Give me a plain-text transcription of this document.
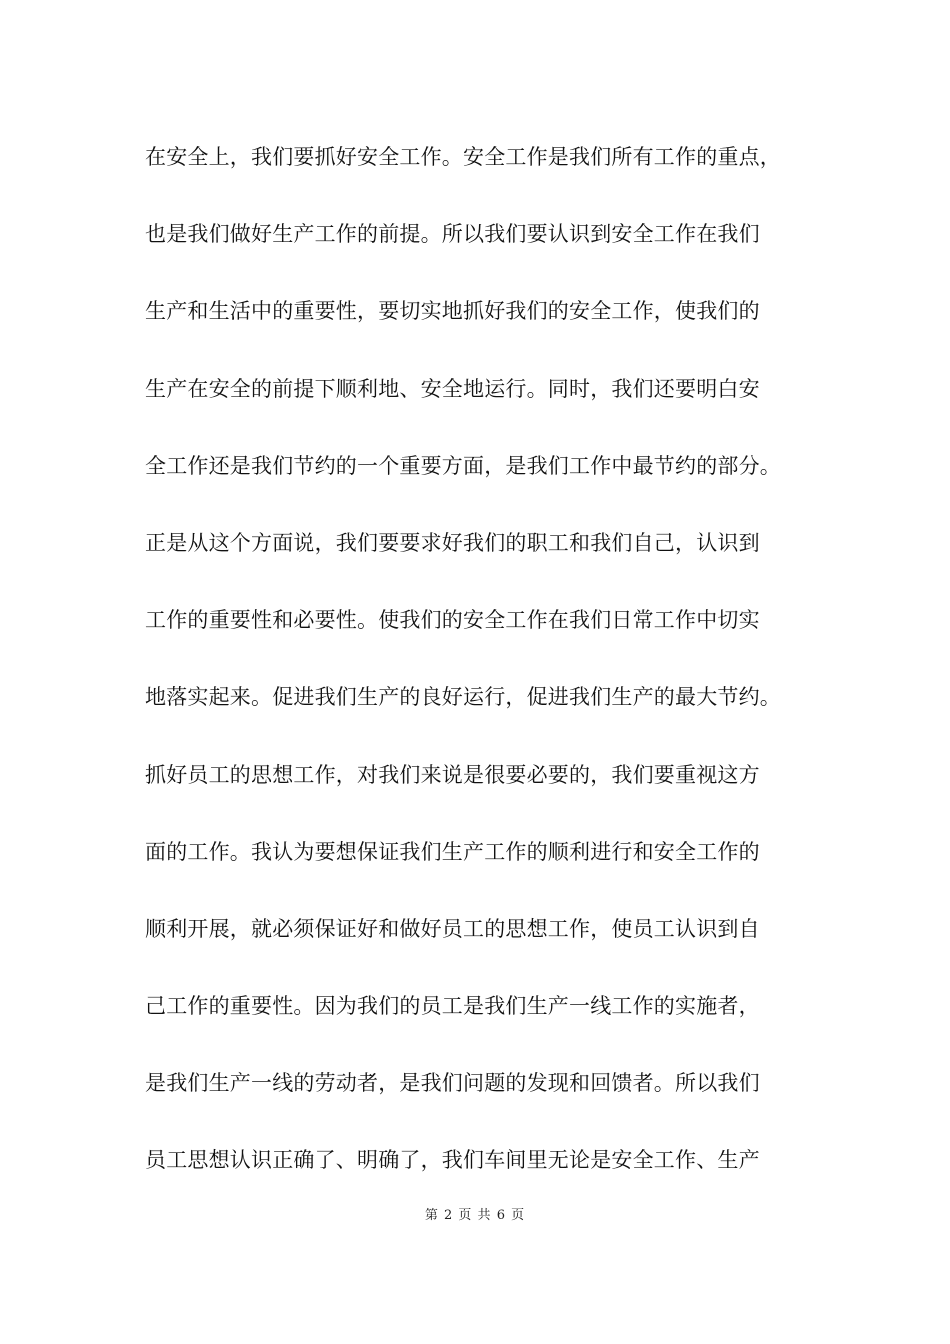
在安全上，我们要抓好安全工作。安全工作是我们所有工作的重点，
也是我们做好生产工作的前提。所以我们要认识到安全工作在我们
生产和生活中的重要性，要切实地抓好我们的安全工作，使我们的
生产在安全的前提下顺利地、安全地运行。同时，我们还要明白安
全工作还是我们节约的一个重要方面，是我们工作中最节约的部分。
正是从这个方面说，我们要要求好我们的职工和我们自己，认识到
工作的重要性和必要性。使我们的安全工作在我们日常工作中切实
地落实起来。促进我们生产的良好运行，促进我们生产的最大节约。
抓好员工的思想工作，对我们来说是很要必要的，我们要重视这方
面的工作。我认为要想保证我们生产工作的顺利进行和安全工作的
顺利开展，就必须保证好和做好员工的思想工作，使员工认识到自
己工作的重要性。因为我们的员工是我们生产一线工作的实施者，
是我们生产一线的劳动者，是我们问题的发现和回馈者。所以我们
员工思想认识正确了、明确了，我们车间里无论是安全工作、生产
第 2 页 共 6 页
